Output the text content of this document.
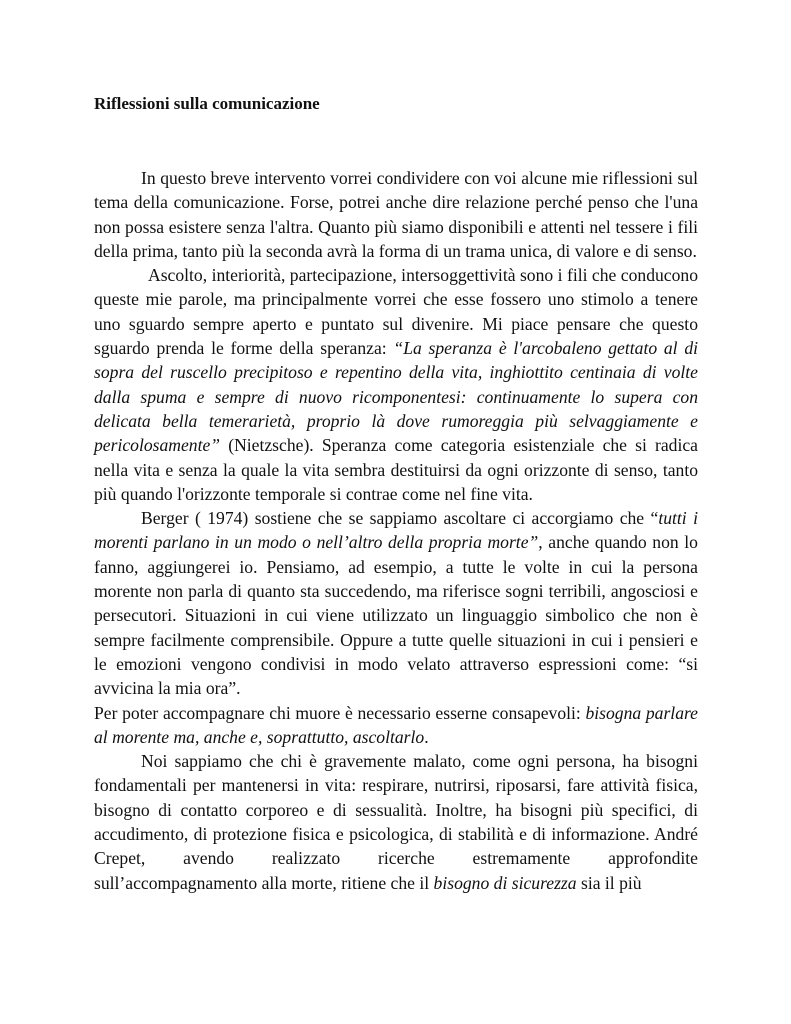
Riflessioni sulla comunicazione

In questo breve intervento vorrei condividere con voi alcune mie riflessioni sul tema della comunicazione. Forse, potrei anche dire relazione perché penso che l'una non possa esistere senza l'altra. Quanto più siamo disponibili e attenti nel tessere i fili della prima, tanto più la seconda avrà la forma di un trama unica, di valore e di senso.

Ascolto, interiorità, partecipazione, intersoggettività sono i fili che conducono queste mie parole, ma principalmente vorrei che esse fossero uno stimolo a tenere uno sguardo sempre aperto e puntato sul divenire. Mi piace pensare che questo sguardo prenda le forme della speranza: “La speranza è l'arcobaleno gettato al di sopra del ruscello precipitoso e repentino della vita, inghiottito centinaia di volte dalla spuma e sempre di nuovo ricomponentesi: continuamente lo supera con delicata bella temerarietà, proprio là dove rumoreggia più selvaggiamente e pericolosamente” (Nietzsche). Speranza come categoria esistenziale che si radica nella vita e senza la quale la vita sembra destituirsi da ogni orizzonte di senso, tanto più quando l'orizzonte temporale si contrae come nel fine vita.

Berger ( 1974) sostiene che se sappiamo ascoltare ci accorgiamo che “tutti i morenti parlano in un modo o nell’altro della propria morte”, anche quando non lo fanno, aggiungerei io. Pensiamo, ad esempio, a tutte le volte in cui la persona morente non parla di quanto sta succedendo, ma riferisce sogni terribili, angosciosi e persecutori. Situazioni in cui viene utilizzato un linguaggio simbolico che non è sempre facilmente comprensibile. Oppure a tutte quelle situazioni in cui i pensieri e le emozioni vengono condivisi in modo velato attraverso espressioni come: “si avvicina la mia ora”.

Per poter accompagnare chi muore è necessario esserne consapevoli: bisogna parlare al morente ma, anche e, soprattutto, ascoltarlo.

Noi sappiamo che chi è gravemente malato, come ogni persona, ha bisogni fondamentali per mantenersi in vita: respirare, nutrirsi, riposarsi, fare attività fisica, bisogno di contatto corporeo e di sessualità. Inoltre, ha bisogni più specifici, di accudimento, di protezione fisica e psicologica, di stabilità e di informazione. André Crepet, avendo realizzato ricerche estremamente approfondite sull’accompagnamento alla morte, ritiene che il bisogno di sicurezza sia il più
